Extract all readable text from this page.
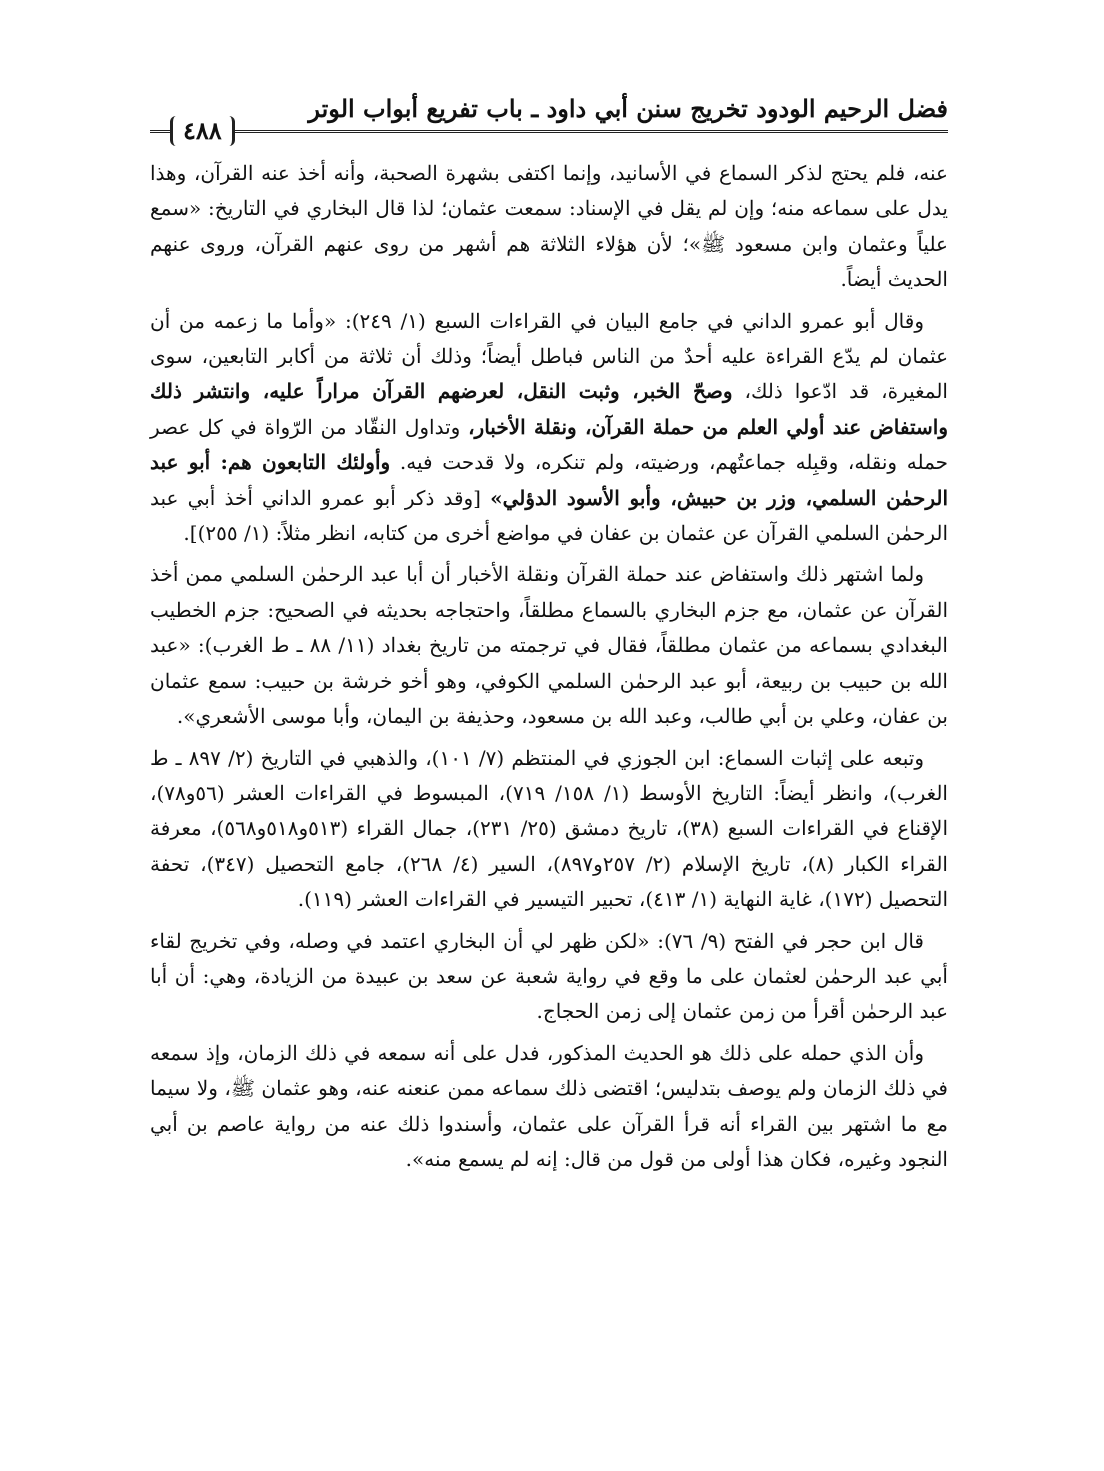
فضل الرحيم الودود تخريج سنن أبي داود ـ باب تفريع أبواب الوتر
٤٨٨

عنه، فلم يحتج لذكر السماع في الأسانيد، وإنما اكتفى بشهرة الصحبة، وأنه أخذ عنه القرآن، وهذا يدل على سماعه منه؛ وإن لم يقل في الإسناد: سمعت عثمان؛ لذا قال البخاري في التاريخ: «سمع علياً وعثمان وابن مسعود ﷺ»؛ لأن هؤلاء الثلاثة هم أشهر من روى عنهم القرآن، وروى عنهم الحديث أيضاً.

وقال أبو عمرو الداني في جامع البيان في القراءات السبع (١/ ٢٤٩): «وأما ما زعمه من أن عثمان لم يدّع القراءة عليه أحدٌ من الناس فباطل أيضاً؛ وذلك أن ثلاثة من أكابر التابعين، سوى المغيرة، قد ادّعوا ذلك، وصحّ الخبر، وثبت النقل، لعرضهم القرآن مراراً عليه، وانتشر ذلك واستفاض عند أولي العلم من حملة القرآن، ونقلة الأخبار، وتداول النقّاد من الرّواة في كل عصر حمله ونقله، وقبِله جماعتُهم، ورضيته، ولم تنكره، ولا قدحت فيه. وأولئك التابعون هم: أبو عبد الرحمٰن السلمي، وزر بن حبيش، وأبو الأسود الدؤلي» [وقد ذكر أبو عمرو الداني أخذ أبي عبد الرحمٰن السلمي القرآن عن عثمان بن عفان في مواضع أخرى من كتابه، انظر مثلاً: (١/ ٢٥٥)].

ولما اشتهر ذلك واستفاض عند حملة القرآن ونقلة الأخبار أن أبا عبد الرحمٰن السلمي ممن أخذ القرآن عن عثمان، مع جزم البخاري بالسماع مطلقاً، واحتجاجه بحديثه في الصحيح: جزم الخطيب البغدادي بسماعه من عثمان مطلقاً، فقال في ترجمته من تاريخ بغداد (١١/ ٨٨ ـ ط الغرب): «عبد الله بن حبيب بن ربيعة، أبو عبد الرحمٰن السلمي الكوفي، وهو أخو خرشة بن حبيب: سمع عثمان بن عفان، وعلي بن أبي طالب، وعبد الله بن مسعود، وحذيفة بن اليمان، وأبا موسى الأشعري».

وتبعه على إثبات السماع: ابن الجوزي في المنتظم (٧/ ١٠١)، والذهبي في التاريخ (٢/ ٨٩٧ ـ ط الغرب)، وانظر أيضاً: التاريخ الأوسط (١/ ١٥٨/ ٧١٩)، المبسوط في القراءات العشر (٥٦و٧٨)، الإقناع في القراءات السبع (٣٨)، تاريخ دمشق (٢٥/ ٢٣١)، جمال القراء (٥١٣و٥١٨و٥٦٨)، معرفة القراء الكبار (٨)، تاريخ الإسلام (٢/ ٢٥٧و٨٩٧)، السير (٤/ ٢٦٨)، جامع التحصيل (٣٤٧)، تحفة التحصيل (١٧٢)، غاية النهاية (١/ ٤١٣)، تحبير التيسير في القراءات العشر (١١٩).

قال ابن حجر في الفتح (٩/ ٧٦): «لكن ظهر لي أن البخاري اعتمد في وصله، وفي تخريج لقاء أبي عبد الرحمٰن لعثمان على ما وقع في رواية شعبة عن سعد بن عبيدة من الزيادة، وهي: أن أبا عبد الرحمٰن أقرأ من زمن عثمان إلى زمن الحجاج.

وأن الذي حمله على ذلك هو الحديث المذكور، فدل على أنه سمعه في ذلك الزمان، وإذ سمعه في ذلك الزمان ولم يوصف بتدليس؛ اقتضى ذلك سماعه ممن عنعنه عنه، وهو عثمان ﷺ، ولا سيما مع ما اشتهر بين القراء أنه قرأ القرآن على عثمان، وأسندوا ذلك عنه من رواية عاصم بن أبي النجود وغيره، فكان هذا أولى من قول من قال: إنه لم يسمع منه».
